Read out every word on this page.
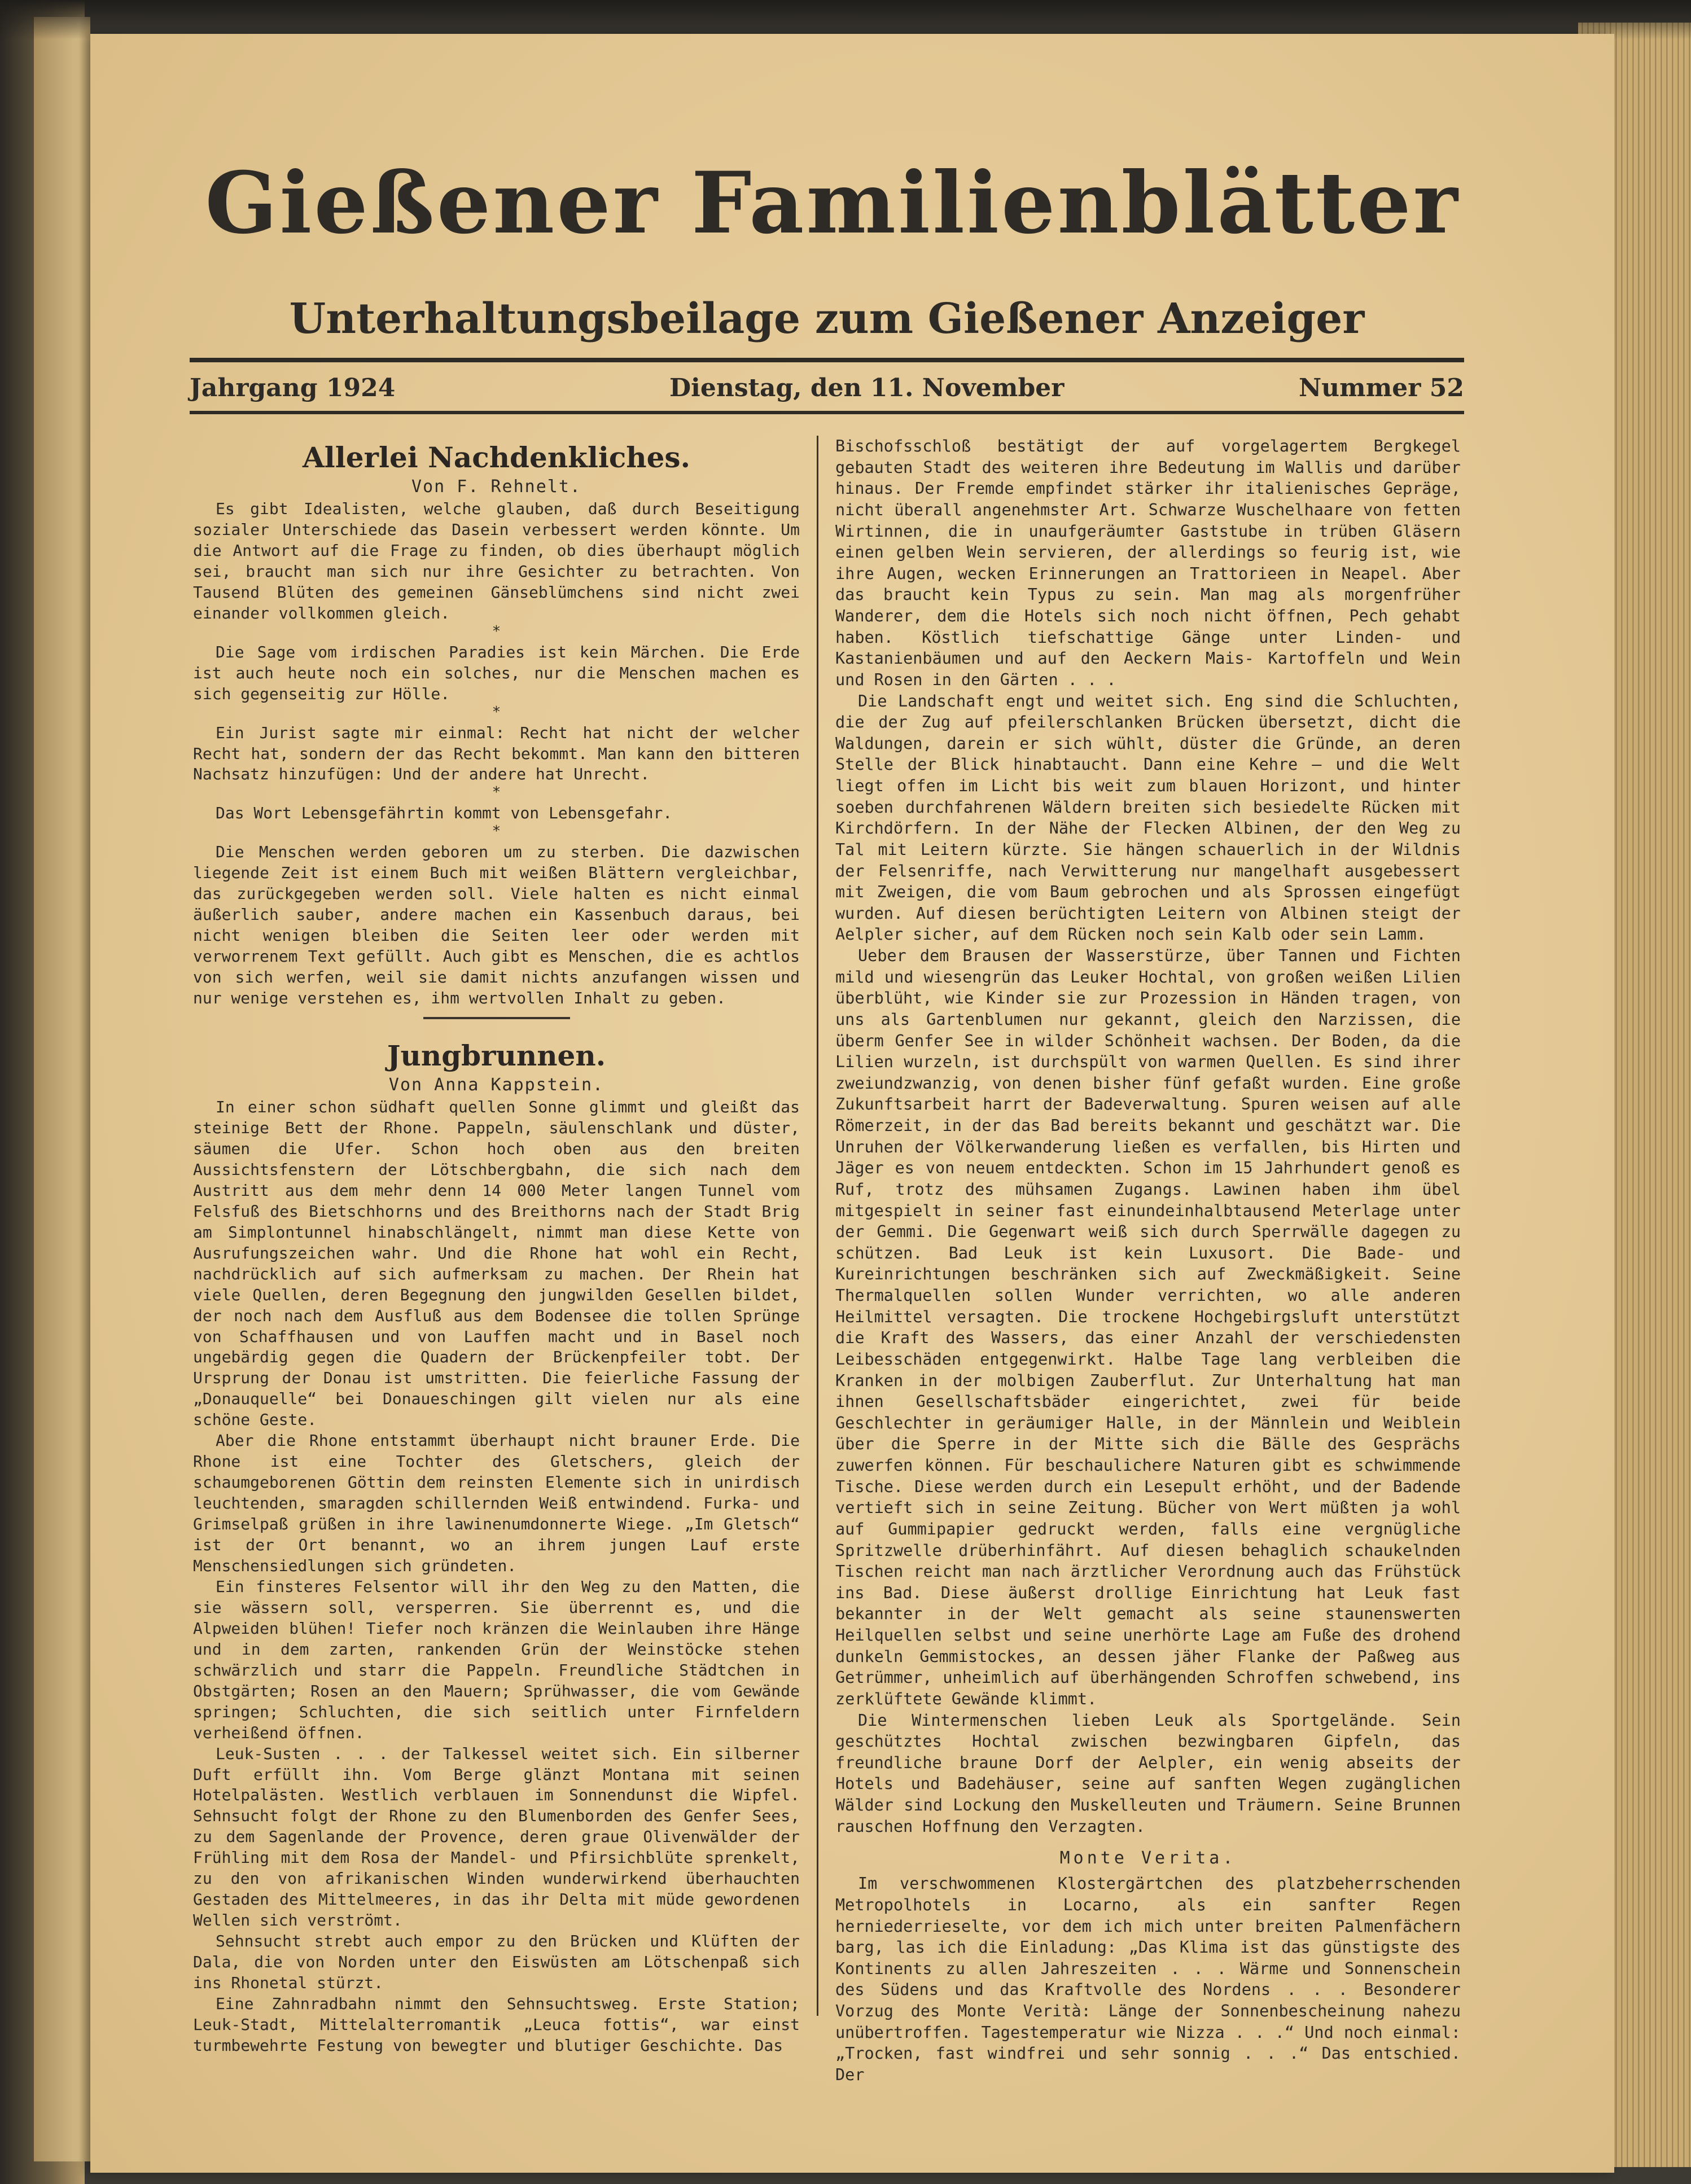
Gießener Familienblätter
Unterhaltungsbeilage zum Gießener Anzeiger
Jahrgang 1924	Dienstag, den 11. November	Nummer 52
Allerlei Nachdenkliches.
Von F. Rehnelt.

Es gibt Idealisten, welche glauben, daß durch Beseitigung sozialer Unterschiede das Dasein verbessert werden könnte. Um die Antwort auf die Frage zu finden, ob dies überhaupt möglich sei, braucht man sich nur ihre Gesichter zu betrachten. Von Tausend Blüten des gemeinen Gänseblümchens sind nicht zwei einander vollkommen gleich.

*

Die Sage vom irdischen Paradies ist kein Märchen. Die Erde ist auch heute noch ein solches, nur die Menschen machen es sich gegenseitig zur Hölle.

*

Ein Jurist sagte mir einmal: Recht hat nicht der welcher Recht hat, sondern der das Recht bekommt. Man kann den bitteren Nachsatz hinzufügen: Und der andere hat Unrecht.

*

Das Wort Lebensgefährtin kommt von Lebensgefahr.

*

Die Menschen werden geboren um zu sterben. Die dazwischen liegende Zeit ist einem Buch mit weißen Blättern vergleichbar, das zurückgegeben werden soll. Viele halten es nicht einmal äußerlich sauber, andere machen ein Kassenbuch daraus, bei nicht wenigen bleiben die Seiten leer oder werden mit verworrenem Text gefüllt. Auch gibt es Menschen, die es achtlos von sich werfen, weil sie damit nichts anzufangen wissen und nur wenige verstehen es, ihm wertvollen Inhalt zu geben.

Jungbrunnen.
Von Anna Kappstein.

In einer schon südhaft quellen Sonne glimmt und gleißt das steinige Bett der Rhone. Pappeln, säulenschlank und düster, säumen die Ufer. Schon hoch oben aus den breiten Aussichtsfenstern der Lötschbergbahn, die sich nach dem Austritt aus dem mehr denn 14 000 Meter langen Tunnel vom Felsfuß des Bietschhorns und des Breithorns nach der Stadt Brig am Simplontunnel hinabschlängelt, nimmt man diese Kette von Ausrufungszeichen wahr. Und die Rhone hat wohl ein Recht, nachdrücklich auf sich aufmerksam zu machen. Der Rhein hat viele Quellen, deren Begegnung den jungwilden Gesellen bildet, der noch nach dem Ausfluß aus dem Bodensee die tollen Sprünge von Schaffhausen und von Lauffen macht und in Basel noch ungebärdig gegen die Quadern der Brückenpfeiler tobt. Der Ursprung der Donau ist umstritten. Die feierliche Fassung der „Donauquelle“ bei Donaueschingen gilt vielen nur als eine schöne Geste.

Aber die Rhone entstammt überhaupt nicht brauner Erde. Die Rhone ist eine Tochter des Gletschers, gleich der schaumgeborenen Göttin dem reinsten Elemente sich in unirdisch leuchtenden, smaragden schillernden Weiß entwindend. Furka- und Grimselpaß grüßen in ihre lawinenumdonnerte Wiege. „Im Gletsch“ ist der Ort benannt, wo an ihrem jungen Lauf erste Menschensiedlungen sich gründeten.

Ein finsteres Felsentor will ihr den Weg zu den Matten, die sie wässern soll, versperren. Sie überrennt es, und die Alpweiden blühen! Tiefer noch kränzen die Weinlauben ihre Hänge und in dem zarten, rankenden Grün der Weinstöcke stehen schwärzlich und starr die Pappeln. Freundliche Städtchen in Obstgärten; Rosen an den Mauern; Sprühwasser, die vom Gewände springen; Schluchten, die sich seitlich unter Firnfeldern verheißend öffnen.

Leuk-Susten . . . der Talkessel weitet sich. Ein silberner Duft erfüllt ihn. Vom Berge glänzt Montana mit seinen Hotelpalästen. Westlich verblauen im Sonnendunst die Wipfel. Sehnsucht folgt der Rhone zu den Blumenborden des Genfer Sees, zu dem Sagenlande der Provence, deren graue Olivenwälder der Frühling mit dem Rosa der Mandel- und Pfirsichblüte sprenkelt, zu den von afrikanischen Winden wunderwirkend überhauchten Gestaden des Mittelmeeres, in das ihr Delta mit müde gewordenen Wellen sich verströmt.

Sehnsucht strebt auch empor zu den Brücken und Klüften der Dala, die von Norden unter den Eiswüsten am Lötschenpaß sich ins Rhonetal stürzt.

Eine Zahnradbahn nimmt den Sehnsuchtsweg. Erste Station; Leuk-Stadt, Mittelalterromantik „Leuca fottis“, war einst turmbewehrte Festung von bewegter und blutiger Geschichte. Das

Bischofsschloß bestätigt der auf vorgelagertem Bergkegel gebauten Stadt des weiteren ihre Bedeutung im Wallis und darüber hinaus. Der Fremde empfindet stärker ihr italienisches Gepräge, nicht überall angenehmster Art. Schwarze Wuschelhaare von fetten Wirtinnen, die in unaufgeräumter Gaststube in trüben Gläsern einen gelben Wein servieren, der allerdings so feurig ist, wie ihre Augen, wecken Erinnerungen an Trattorieen in Neapel. Aber das braucht kein Typus zu sein. Man mag als morgenfrüher Wanderer, dem die Hotels sich noch nicht öffnen, Pech gehabt haben. Köstlich tiefschattige Gänge unter Linden- und Kastanienbäumen und auf den Aeckern Mais- Kartoffeln und Wein und Rosen in den Gärten . . .

Die Landschaft engt und weitet sich. Eng sind die Schluchten, die der Zug auf pfeilerschlanken Brücken übersetzt, dicht die Waldungen, darein er sich wühlt, düster die Gründe, an deren Stelle der Blick hinabtaucht. Dann eine Kehre — und die Welt liegt offen im Licht bis weit zum blauen Horizont, und hinter soeben durchfahrenen Wäldern breiten sich besiedelte Rücken mit Kirchdörfern. In der Nähe der Flecken Albinen, der den Weg zu Tal mit Leitern kürzte. Sie hängen schauerlich in der Wildnis der Felsenriffe, nach Verwitterung nur mangelhaft ausgebessert mit Zweigen, die vom Baum gebrochen und als Sprossen eingefügt wurden. Auf diesen berüchtigten Leitern von Albinen steigt der Aelpler sicher, auf dem Rücken noch sein Kalb oder sein Lamm.

Ueber dem Brausen der Wasserstürze, über Tannen und Fichten mild und wiesengrün das Leuker Hochtal, von großen weißen Lilien überblüht, wie Kinder sie zur Prozession in Händen tragen, von uns als Gartenblumen nur gekannt, gleich den Narzissen, die überm Genfer See in wilder Schönheit wachsen. Der Boden, da die Lilien wurzeln, ist durchspült von warmen Quellen. Es sind ihrer zweiundzwanzig, von denen bisher fünf gefaßt wurden. Eine große Zukunftsarbeit harrt der Badeverwaltung. Spuren weisen auf alle Römerzeit, in der das Bad bereits bekannt und geschätzt war. Die Unruhen der Völkerwanderung ließen es verfallen, bis Hirten und Jäger es von neuem entdeckten. Schon im 15 Jahrhundert genoß es Ruf, trotz des mühsamen Zugangs. Lawinen haben ihm übel mitgespielt in seiner fast einundeinhalbtausend Meterlage unter der Gemmi. Die Gegenwart weiß sich durch Sperrwälle dagegen zu schützen. Bad Leuk ist kein Luxusort. Die Bade- und Kureinrichtungen beschränken sich auf Zweckmäßigkeit. Seine Thermalquellen sollen Wunder verrichten, wo alle anderen Heilmittel versagten. Die trockene Hochgebirgsluft unterstützt die Kraft des Wassers, das einer Anzahl der verschiedensten Leibesschäden entgegenwirkt. Halbe Tage lang verbleiben die Kranken in der molbigen Zauberflut. Zur Unterhaltung hat man ihnen Gesellschaftsbäder eingerichtet, zwei für beide Geschlechter in geräumiger Halle, in der Männlein und Weiblein über die Sperre in der Mitte sich die Bälle des Gesprächs zuwerfen können. Für beschaulichere Naturen gibt es schwimmende Tische. Diese werden durch ein Lesepult erhöht, und der Badende vertieft sich in seine Zeitung. Bücher von Wert müßten ja wohl auf Gummipapier gedruckt werden, falls eine vergnügliche Spritzwelle drüberhinfährt. Auf diesen behaglich schaukelnden Tischen reicht man nach ärztlicher Verordnung auch das Frühstück ins Bad. Diese äußerst drollige Einrichtung hat Leuk fast bekannter in der Welt gemacht als seine staunenswerten Heilquellen selbst und seine unerhörte Lage am Fuße des drohend dunkeln Gemmistockes, an dessen jäher Flanke der Paßweg aus Getrümmer, unheimlich auf überhängenden Schroffen schwebend, ins zerklüftete Gewände klimmt.

Die Wintermenschen lieben Leuk als Sportgelände. Sein geschütztes Hochtal zwischen bezwingbaren Gipfeln, das freundliche braune Dorf der Aelpler, ein wenig abseits der Hotels und Badehäuser, seine auf sanften Wegen zugänglichen Wälder sind Lockung den Muskelleuten und Träumern. Seine Brunnen rauschen Hoffnung den Verzagten.

Monte Verita.

Im verschwommenen Klostergärtchen des platzbeherrschenden Metropolhotels in Locarno, als ein sanfter Regen herniederrieselte, vor dem ich mich unter breiten Palmenfächern barg, las ich die Einladung: „Das Klima ist das günstigste des Kontinents zu allen Jahreszeiten . . . Wärme und Sonnenschein des Südens und das Kraftvolle des Nordens . . . Besonderer Vorzug des Monte Verità: Länge der Sonnenbescheinung nahezu unübertroffen. Tagestemperatur wie Nizza . . .“ Und noch einmal: „Trocken, fast windfrei und sehr sonnig . . .“ Das entschied. Der
